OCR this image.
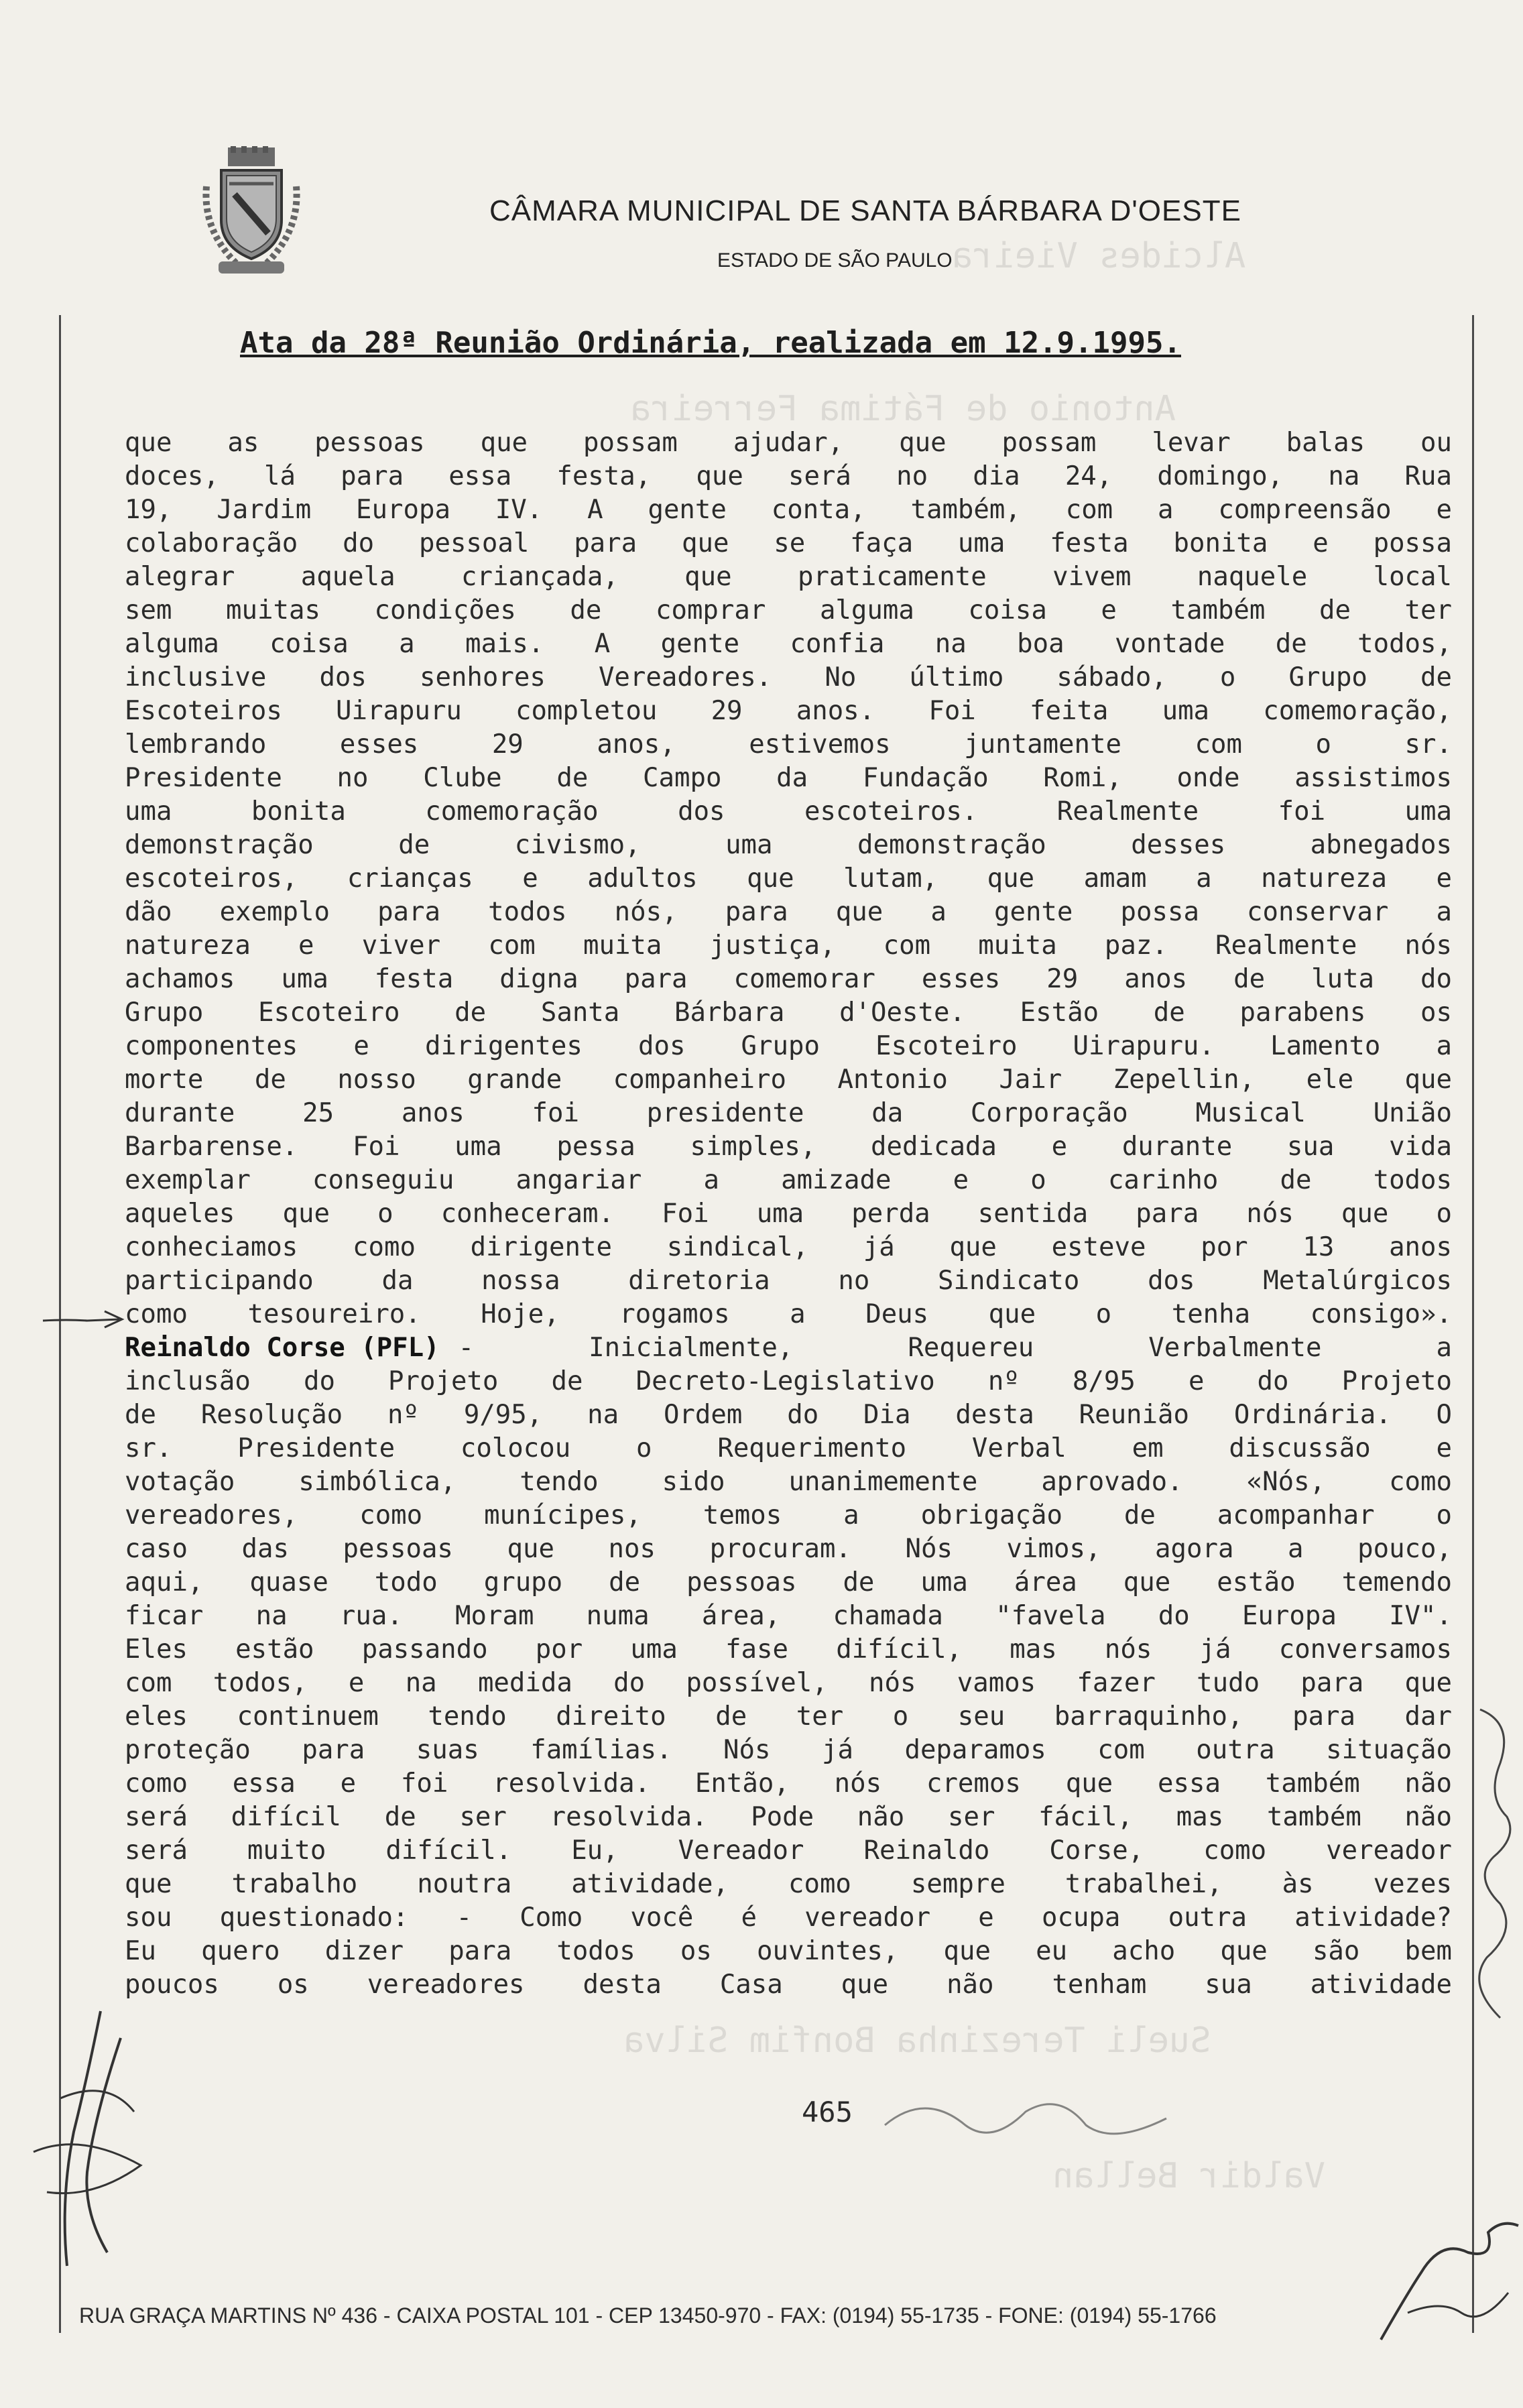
Alcides Vieira
Antonio de Fátima Ferreira
Sueli Terezinha Bonfim Silva
Valdir Bellan
CÂMARA MUNICIPAL DE SANTA BÁRBARA D'OESTE
ESTADO DE SÃO PAULO
Ata da 28ª Reunião Ordinária, realizada em 12.9.1995.
que as pessoas que possam ajudar, que possam levar balas ou
doces, lá para essa festa, que será no dia 24, domingo, na Rua
19, Jardim Europa IV. A gente conta, também, com a compreensão e
colaboração do pessoal para que se faça uma festa bonita e possa
alegrar aquela criançada, que praticamente vivem naquele local
sem muitas condições de comprar alguma coisa e também de ter
alguma coisa a mais. A gente confia na boa vontade de todos,
inclusive dos senhores Vereadores. No último sábado, o Grupo de
Escoteiros Uirapuru completou 29 anos. Foi feita uma comemoração,
lembrando esses 29 anos, estivemos juntamente com o sr.
Presidente no Clube de Campo da Fundação Romi, onde assistimos
uma bonita comemoração dos escoteiros. Realmente foi uma
demonstração de civismo, uma demonstração desses abnegados
escoteiros, crianças e adultos que lutam, que amam a natureza e
dão exemplo para todos nós, para que a gente possa conservar a
natureza e viver com muita justiça, com muita paz. Realmente nós
achamos uma festa digna para comemorar esses 29 anos de luta do
Grupo Escoteiro de Santa Bárbara d'Oeste. Estão de parabens os
componentes e dirigentes dos Grupo Escoteiro Uirapuru. Lamento a
morte de nosso grande companheiro Antonio Jair Zepellin, ele que
durante 25 anos foi presidente da Corporação Musical União
Barbarense. Foi uma pessa simples, dedicada e durante sua vida
exemplar conseguiu angariar a amizade e o carinho de todos
aqueles que o conheceram. Foi uma perda sentida para nós que o
conheciamos como dirigente sindical, já que esteve por 13 anos
participando da nossa diretoria no Sindicato dos Metalúrgicos
como tesoureiro. Hoje, rogamos a Deus que o tenha consigo».
Reinaldo Corse (PFL) - Inicialmente, Requereu Verbalmente a
inclusão do Projeto de Decreto-Legislativo nº 8/95 e do Projeto
de Resolução nº 9/95, na Ordem do Dia desta Reunião Ordinária. O
sr. Presidente colocou o Requerimento Verbal em discussão e
votação simbólica, tendo sido unanimemente aprovado. «Nós, como
vereadores, como munícipes, temos a obrigação de acompanhar o
caso das pessoas que nos procuram. Nós vimos, agora a pouco,
aqui, quase todo grupo de pessoas de uma área que estão temendo
ficar na rua. Moram numa área, chamada "favela do Europa IV".
Eles estão passando por uma fase difícil, mas nós já conversamos
com todos, e na medida do possível, nós vamos fazer tudo para que
eles continuem tendo direito de ter o seu barraquinho, para dar
proteção para suas famílias. Nós já deparamos com outra situação
como essa e foi resolvida. Então, nós cremos que essa também não
será difícil de ser resolvida. Pode não ser fácil, mas também não
será muito difícil. Eu, Vereador Reinaldo Corse, como vereador
que trabalho noutra atividade, como sempre trabalhei, às vezes
sou questionado: - Como você é vereador e ocupa outra atividade?
Eu quero dizer para todos os ouvintes, que eu acho que são bem
poucos os vereadores desta Casa que não tenham sua atividade
465
RUA GRAÇA MARTINS Nº 436 - CAIXA POSTAL 101 - CEP 13450-970 - FAX: (0194) 55-1735 - FONE: (0194) 55-1766
